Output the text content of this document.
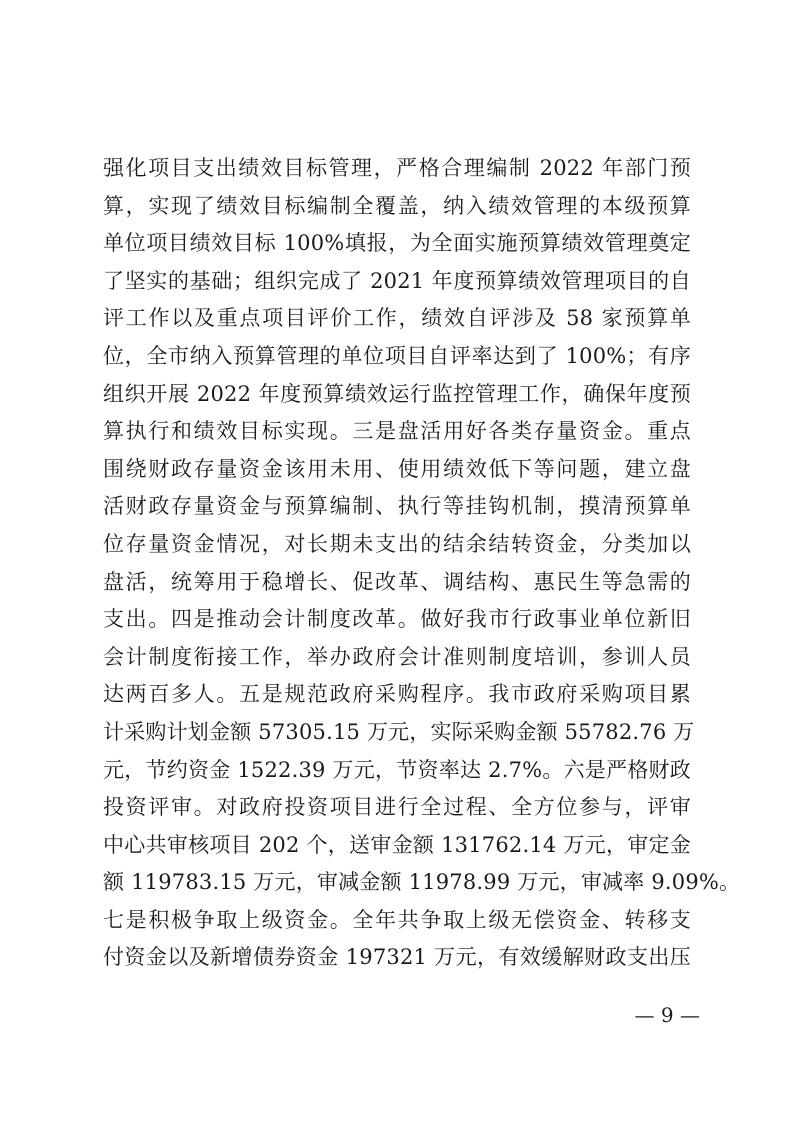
强化项目支出绩效目标管理，严格合理编制 2022 年部门预
算，实现了绩效目标编制全覆盖，纳入绩效管理的本级预算
单位项目绩效目标 100%填报，为全面实施预算绩效管理奠定
了坚实的基础；组织完成了 2021 年度预算绩效管理项目的自
评工作以及重点项目评价工作，绩效自评涉及 58 家预算单
位，全市纳入预算管理的单位项目自评率达到了 100%；有序
组织开展 2022 年度预算绩效运行监控管理工作，确保年度预
算执行和绩效目标实现。三是盘活用好各类存量资金。重点
围绕财政存量资金该用未用、使用绩效低下等问题，建立盘
活财政存量资金与预算编制、执行等挂钩机制，摸清预算单
位存量资金情况，对长期未支出的结余结转资金，分类加以
盘活，统筹用于稳增长、促改革、调结构、惠民生等急需的
支出。四是推动会计制度改革。做好我市行政事业单位新旧
会计制度衔接工作，举办政府会计准则制度培训，参训人员
达两百多人。五是规范政府采购程序。我市政府采购项目累
计采购计划金额 57305.15 万元，实际采购金额 55782.76 万
元，节约资金 1522.39 万元，节资率达 2.7%。六是严格财政
投资评审。对政府投资项目进行全过程、全方位参与，评审
中心共审核项目 202 个，送审金额 131762.14 万元，审定金
额 119783.15 万元，审减金额 11978.99 万元，审减率 9.09%。
七是积极争取上级资金。全年共争取上级无偿资金、转移支
付资金以及新增债券资金 197321 万元，有效缓解财政支出压
— 9 —
